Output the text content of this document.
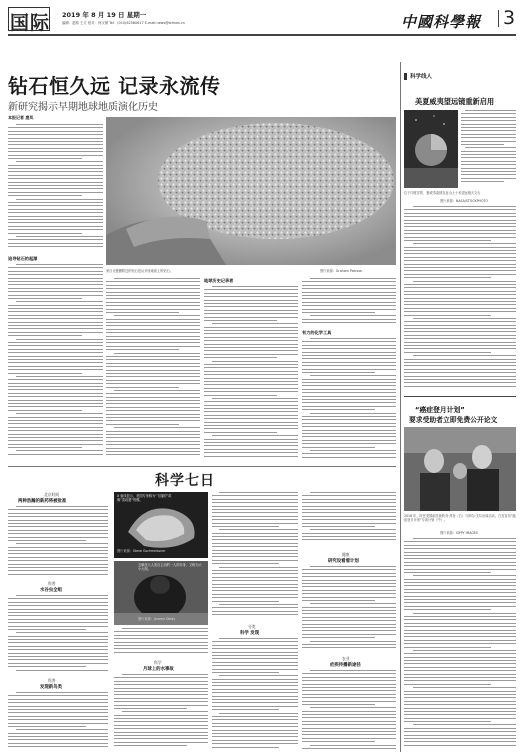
国际 2019 年 8 月 19 日 星期一
编辑：赵路 王方 校对：何又赋 Tel：(010)62580617 E-mail:news@stimes.cn	中國科學報 3
钻石恒久远 记录永流传
新研究揭示早期地球地质演化历史
本报记者 唐凤
追寻钻石的起源
来自北极圈附近的钻石是从多座地面上的钻石。	图片来源：Graham Pearson
地球历史记录者
有力的化学工具
科学线人
美夏威夷望远镜重新启用
位于印度洋的、夏威夷莫纳克亚山上十米望远镜天文台
图片来源：NASA/STOCKPHOTO
“癌症登月计划”
要求受助者立即免费公开论文
2016 年，时任美国副总统的乔·拜登（右）与阿尔·戈尔出席活动，白宫宣布“癌症登月计划”专项计划（中）。
图片来源：SIPPY IMAGES
科学七日
北京时间
两种浩瀚的新药将被批准
科普
水谷虫全组
科普
发现新鸟类
X 射线显示，美国专家称为“飞翔的”或像“泰坦猎”的蝶。
图片来源：Steve Gschmeissner
去解放大人类自主动的一人的本身，又称为大小大细。
图片来源：Jerome Delay
科学
月球上的水事故
分类
科学 发现
健康
研究设看看计划
农业
疟疾传播新途径
